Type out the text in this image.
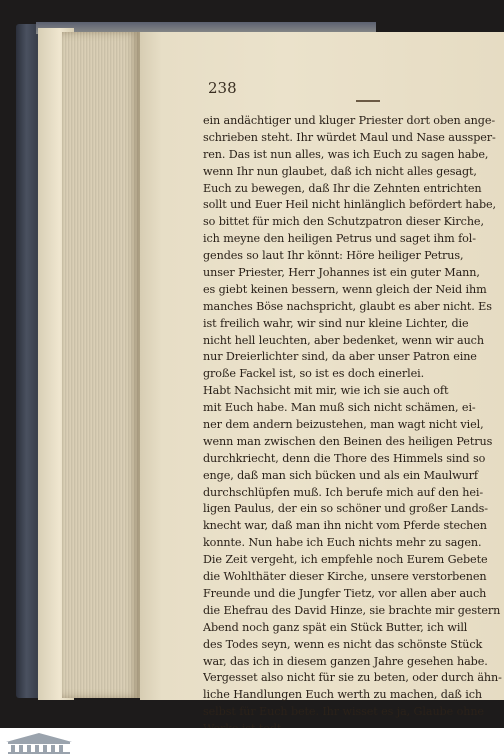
238
ein andächtiger und kluger Priester dort oben ange-
schrieben steht. Ihr würdet Maul und Nase aussper-
ren. Das ist nun alles, was ich Euch zu sagen habe,
wenn Ihr nun glaubet, daß ich nicht alles gesagt,
Euch zu bewegen, daß Ihr die Zehnten entrichten
sollt und Euer Heil nicht hinlänglich befördert habe,
so bittet für mich den Schutzpatron dieser Kirche,
ich meyne den heiligen Petrus und saget ihm fol-
gendes so laut Ihr könnt: Höre heiliger Petrus,
unser Priester, Herr Johannes ist ein guter Mann,
es giebt keinen bessern, wenn gleich der Neid ihm
manches Böse nachspricht, glaubt es aber nicht. Es
ist freilich wahr, wir sind nur kleine Lichter, die
nicht hell leuchten, aber bedenket, wenn wir auch
nur Dreierlichter sind, da aber unser Patron eine
große Fackel ist, so ist es doch einerlei.
Habt Nachsicht mit mir, wie ich sie auch oft
mit Euch habe. Man muß sich nicht schämen, ei-
ner dem andern beizustehen, man wagt nicht viel,
wenn man zwischen den Beinen des heiligen Petrus
durchkriecht, denn die Thore des Himmels sind so
enge, daß man sich bücken und als ein Maulwurf
durchschlüpfen muß. Ich berufe mich auf den hei-
ligen Paulus, der ein so schöner und großer Lands-
knecht war, daß man ihn nicht vom Pferde stechen
konnte. Nun habe ich Euch nichts mehr zu sagen.
Die Zeit vergeht, ich empfehle noch Eurem Gebete
die Wohlthäter dieser Kirche, unsere verstorbenen
Freunde und die Jungfer Tietz, vor allen aber auch
die Ehefrau des David Hinze, sie brachte mir gestern
Abend noch ganz spät ein Stück Butter, ich will
des Todes seyn, wenn es nicht das schönste Stück
war, das ich in diesem ganzen Jahre gesehen habe.
Vergesset also nicht für sie zu beten, oder durch ähn-
liche Handlungen Euch werth zu machen, daß ich
selbst für Euch bete. Ihr wisset es ja, Glaube ohne
